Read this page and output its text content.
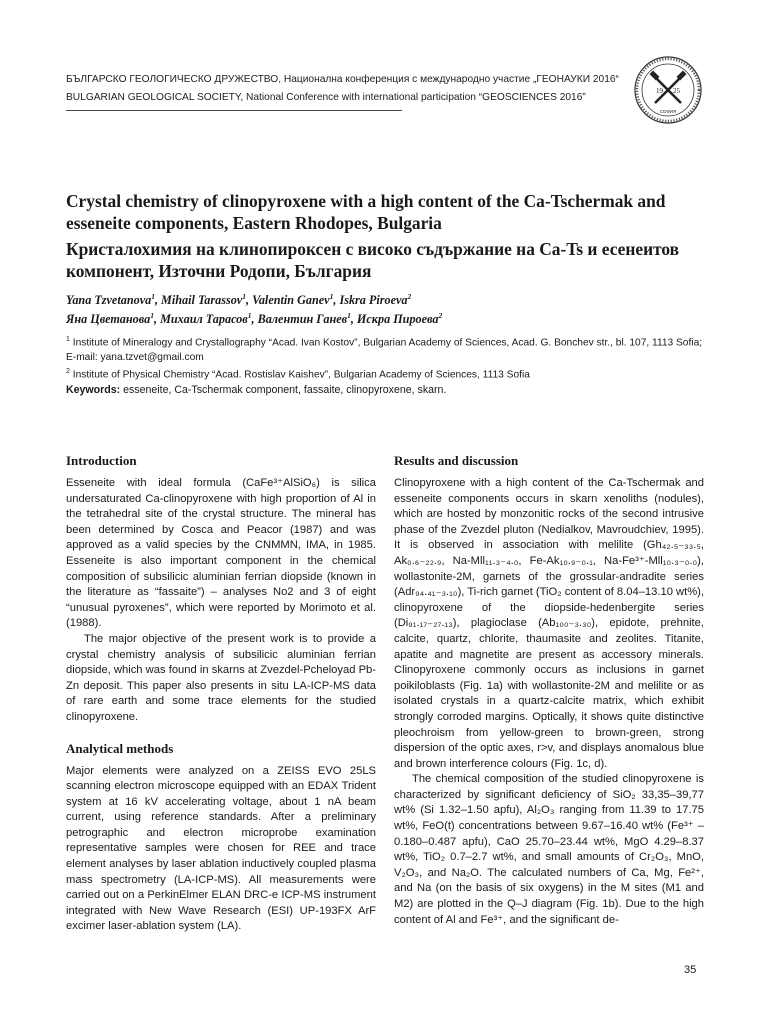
БЪЛГАРСКО ГЕОЛОГИЧЕСКО ДРУЖЕСТВО, Национална конференция с международно участие „ГЕОНАУКИ 2016“
BULGARIAN GEOLOGICAL SOCIETY, National Conference with international participation “GEOSCIENCES 2016”
19 25
СОФИЯ
Crystal chemistry of clinopyroxene with a high content of the Ca-Tschermak and esseneite components, Eastern Rhodopes, Bulgaria
Кристалохимия на клинопироксен с високо съдържание на Ca-Ts и есенеитов компонент, Източни Родопи, България
Yana Tzvetanova$^1$, Mihail Tarassov$^1$, Valentin Ganev$^1$, Iskra Piroeva$^2$
Яна Цветанова$^1$, Михаил Тарасов$^1$, Валентин Ганев$^1$, Искра Пироева$^2$
$^1$ Institute of Mineralogy and Crystallography “Acad. Ivan Kostov”, Bulgarian Academy of Sciences, Acad. G. Bonchev str., bl. 107, 1113 Sofia; E-mail: yana.tzvet@gmail.com
$^2$ Institute of Physical Chemistry “Acad. Rostislav Kaishev”, Bulgarian Academy of Sciences, 1113 Sofia
Keywords: esseneite, Ca-Tschermak component, fassaite, clinopyroxene, skarn.
Introduction

Esseneite with ideal formula (CaFe³⁺AlSiO₆) is silica undersaturated Ca-clinopyroxene with high proportion of Al in the tetrahedral site of the crystal structure. The mineral has been determined by Cosca and Peacor (1987) and was approved as a valid species by the CNMMN, IMA, in 1985. Esseneite is also important component in the chemical composition of subsilicic aluminian ferrian diopside (known in the literature as “fassaite”) – analyses No2 and 3 of eight “unusual pyroxenes”, which were reported by Morimoto et al. (1988).

The major objective of the present work is to provide a crystal chemistry analysis of subsilicic aluminian ferrian diopside, which was found in skarns at Zvezdel-Pcheloyad Pb-Zn deposit. This paper also presents in situ LA-ICP-MS data of rare earth and some trace elements for the studied clinopyroxene.

Analytical methods

Major elements were analyzed on a ZEISS EVO 25LS scanning electron microscope equipped with an EDAX Trident system at 16 kV accelerating voltage, about 1 nA beam current, using reference standards. After a preliminary petrographic and electron microprobe examination representative samples were chosen for REE and trace element analyses by laser ablation inductively coupled plasma mass spectrometry (LA-ICP-MS). All measurements were carried out on a PerkinElmer ELAN DRC-e ICP-MS instrument integrated with New Wave Research (ESI) UP-193FX ArF excimer laser-ablation system (LA).

Results and discussion

Clinopyroxene with a high content of the Ca-Tschermak and esseneite components occurs in skarn xenoliths (nodules), which are hosted by monzonitic rocks of the second intrusive phase of the Zvezdel pluton (Nedialkov, Mavroudchiev, 1995). It is observed in association with melilite (Gh₄₂.₅₋₃₃.₅, Ak₀.₆₋₂₂.₉, Na-Mll₁₁.₃₋₄.₀, Fe-Ak₁₀.₉₋₀.₁, Na-Fe³⁺-Mll₁₀.₃₋₀.₀), wollastonite-2M, garnets of the grossular-andradite series (Adr₉₄.₄₁₋₃.₁₀), Ti-rich garnet (TiO₂ content of 8.04–13.10 wt%), clinopyroxene of the diopside-hedenbergite series (Di₉₁.₁₇₋₂₇.₁₃), plagioclase (Ab₁₀₀₋₃.₃₀), epidote, prehnite, calcite, quartz, chlorite, thaumasite and zeolites. Titanite, apatite and magnetite are present as accessory minerals. Clinopyroxene commonly occurs as inclusions in garnet poikiloblasts (Fig. 1a) with wollastonite-2M and melilite or as isolated crystals in a quartz-calcite matrix, which exhibit strongly corroded margins. Optically, it shows quite distinctive pleochroism from yellow-green to brown-green, strong dispersion of the optic axes, r>v, and displays anomalous blue and brown interference colours (Fig. 1c, d).

The chemical composition of the studied clinopyroxene is characterized by significant deficiency of SiO₂ 33,35–39,77 wt% (Si 1.32–1.50 apfu), Al₂O₃ ranging from 11.39 to 17.75 wt%, FeO(t) concentrations between 9.67–16.40 wt% (Fe³⁺ – 0.180–0.487 apfu), CaO 25.70–23.44 wt%, MgO 4.29–8.37 wt%, TiO₂ 0.7–2.7 wt%, and small amounts of Cr₂O₃, MnO, V₂O₃, and Na₂O. The calculated numbers of Ca, Mg, Fe²⁺, and Na (on the basis of six oxygens) in the M sites (M1 and M2) are plotted in the Q–J diagram (Fig. 1b). Due to the high content of Al and Fe³⁺, and the significant de-

35
